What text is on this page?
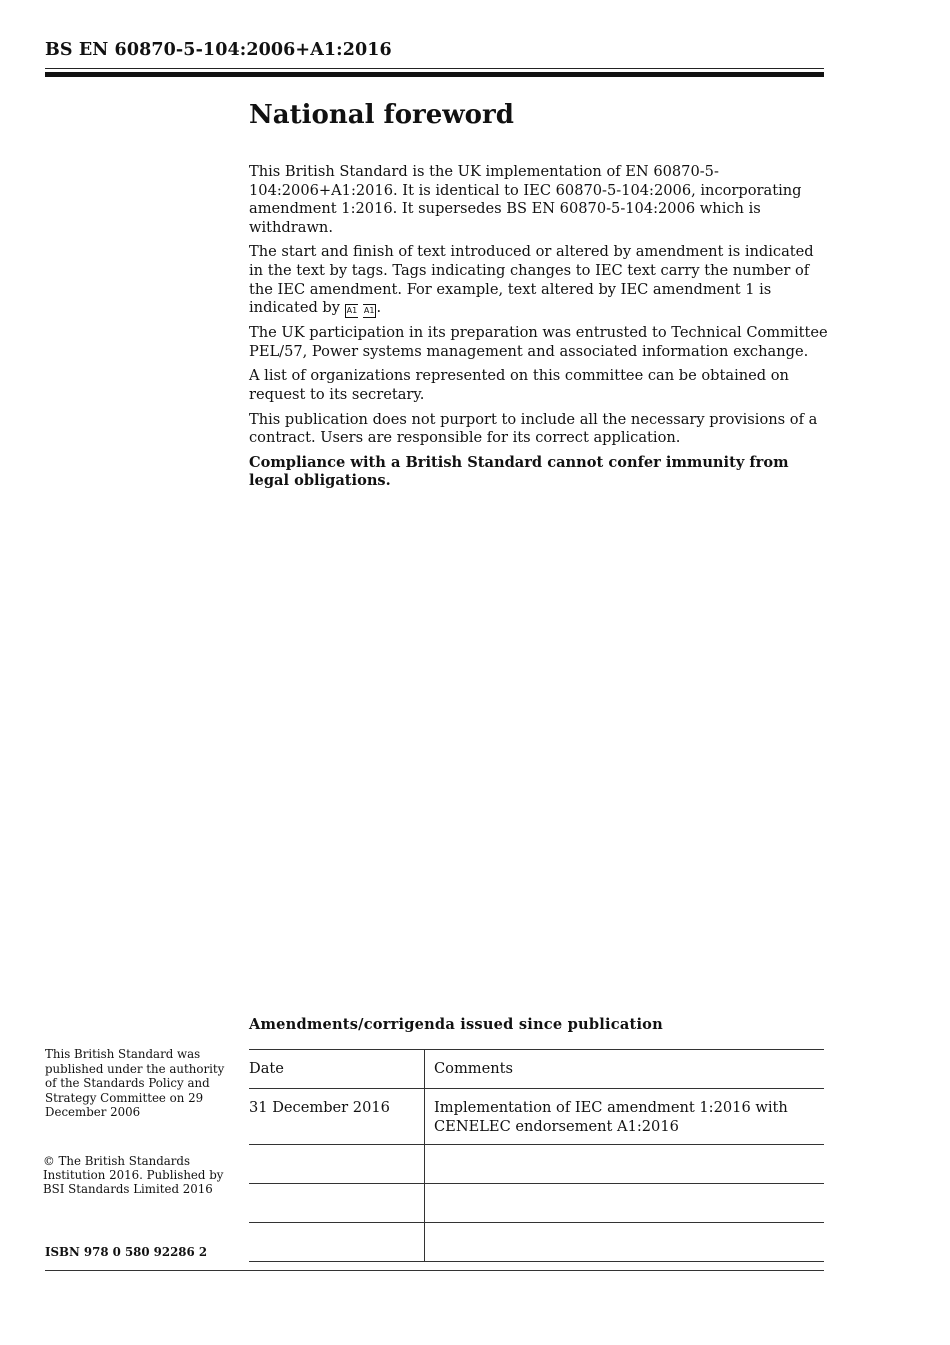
BS EN 60870-5-104:2006+A1:2016
National foreword

This British Standard is the UK implementation of EN 60870-5-104:2006+A1:2016. It is identical to IEC 60870-5-104:2006, incorporating amendment 1:2016. It supersedes BS EN 60870-5-104:2006 which is withdrawn.

The start and finish of text introduced or altered by amendment is indicated in the text by tags. Tags indicating changes to IEC text carry the number of the IEC amendment. For example, text altered by IEC amendment 1 is indicated by A1 A1 .

The UK participation in its preparation was entrusted to Technical Committee PEL/57, Power systems management and associated information exchange.

A list of organizations represented on this committee can be obtained on request to its secretary.

This publication does not purport to include all the necessary provisions of a contract. Users are responsible for its correct application.

Compliance with a British Standard cannot confer immunity from legal obligations.

Amendments/corrigenda issued since publication
Date	Comments
31 December 2016	Implementation of IEC amendment 1:2016 with CENELEC endorsement A1:2016

This British Standard was published under the authority of the Standards Policy and Strategy Committee on 29 December 2006
© The British Standards Institution 2016. Published by BSI Standards Limited 2016
ISBN 978 0 580 92286 2
